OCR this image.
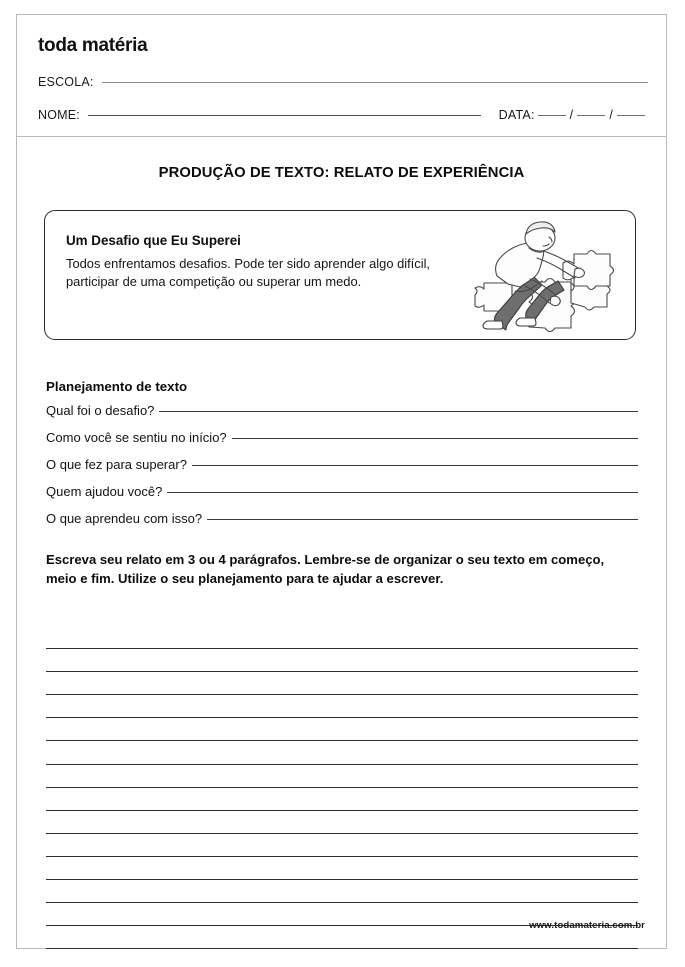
toda matéria
ESCOLA:
NOME:	DATA:	/	/
PRODUÇÃO DE TEXTO: RELATO DE EXPERIÊNCIA
Um Desafio que Eu Superei
Todos enfrentamos desafios. Pode ter sido aprender algo difícil, participar de uma competição ou superar um medo.
Planejamento de texto
Qual foi o desafio?
Como você se sentiu no início?
O que fez para superar?
Quem ajudou você?
O que aprendeu com isso?
Escreva seu relato em 3 ou 4 parágrafos. Lembre-se de organizar o seu texto em começo, meio e fim. Utilize o seu planejamento para te ajudar a escrever.
www.todamateria.com.br
